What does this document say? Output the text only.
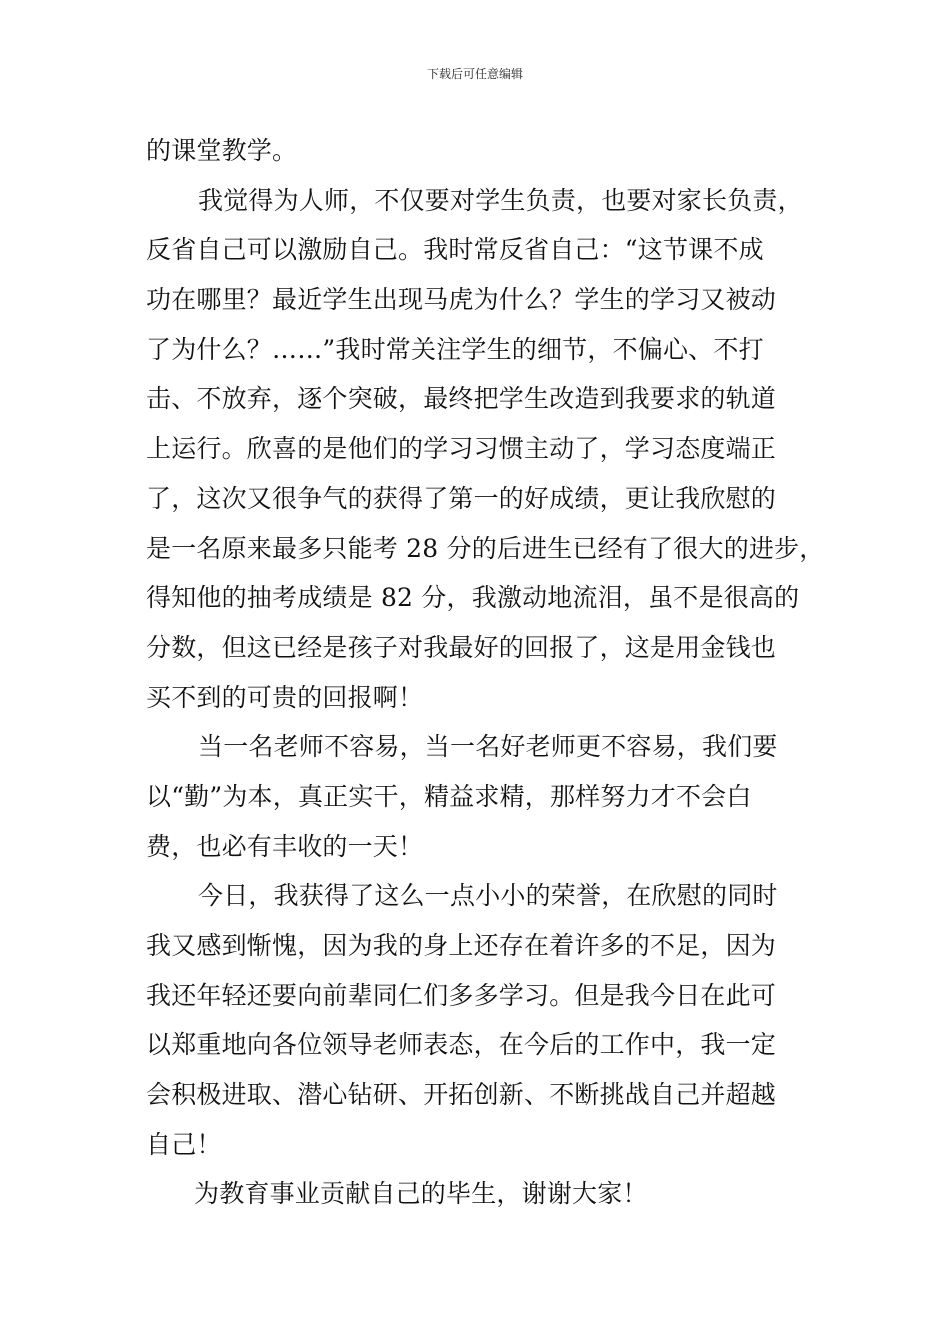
下载后可任意编辑
的课堂教学。
我觉得为人师，不仅要对学生负责，也要对家长负责，
反省自己可以激励自己。我时常反省自己：“这节课不成
功在哪里？最近学生出现马虎为什么？学生的学习又被动
了为什么？……”我时常关注学生的细节，不偏心、不打
击、不放弃，逐个突破，最终把学生改造到我要求的轨道
上运行。欣喜的是他们的学习习惯主动了，学习态度端正
了，这次又很争气的获得了第一的好成绩，更让我欣慰的
是一名原来最多只能考 28 分的后进生已经有了很大的进步，
得知他的抽考成绩是 82 分，我激动地流泪，虽不是很高的
分数，但这已经是孩子对我最好的回报了，这是用金钱也
买不到的可贵的回报啊！
当一名老师不容易，当一名好老师更不容易，我们要
以“勤”为本，真正实干，精益求精，那样努力才不会白
费，也必有丰收的一天！
今日，我获得了这么一点小小的荣誉，在欣慰的同时
我又感到惭愧，因为我的身上还存在着许多的不足，因为
我还年轻还要向前辈同仁们多多学习。但是我今日在此可
以郑重地向各位领导老师表态，在今后的工作中，我一定
会积极进取、潜心钻研、开拓创新、不断挑战自己并超越
自己！
为教育事业贡献自己的毕生，谢谢大家！
